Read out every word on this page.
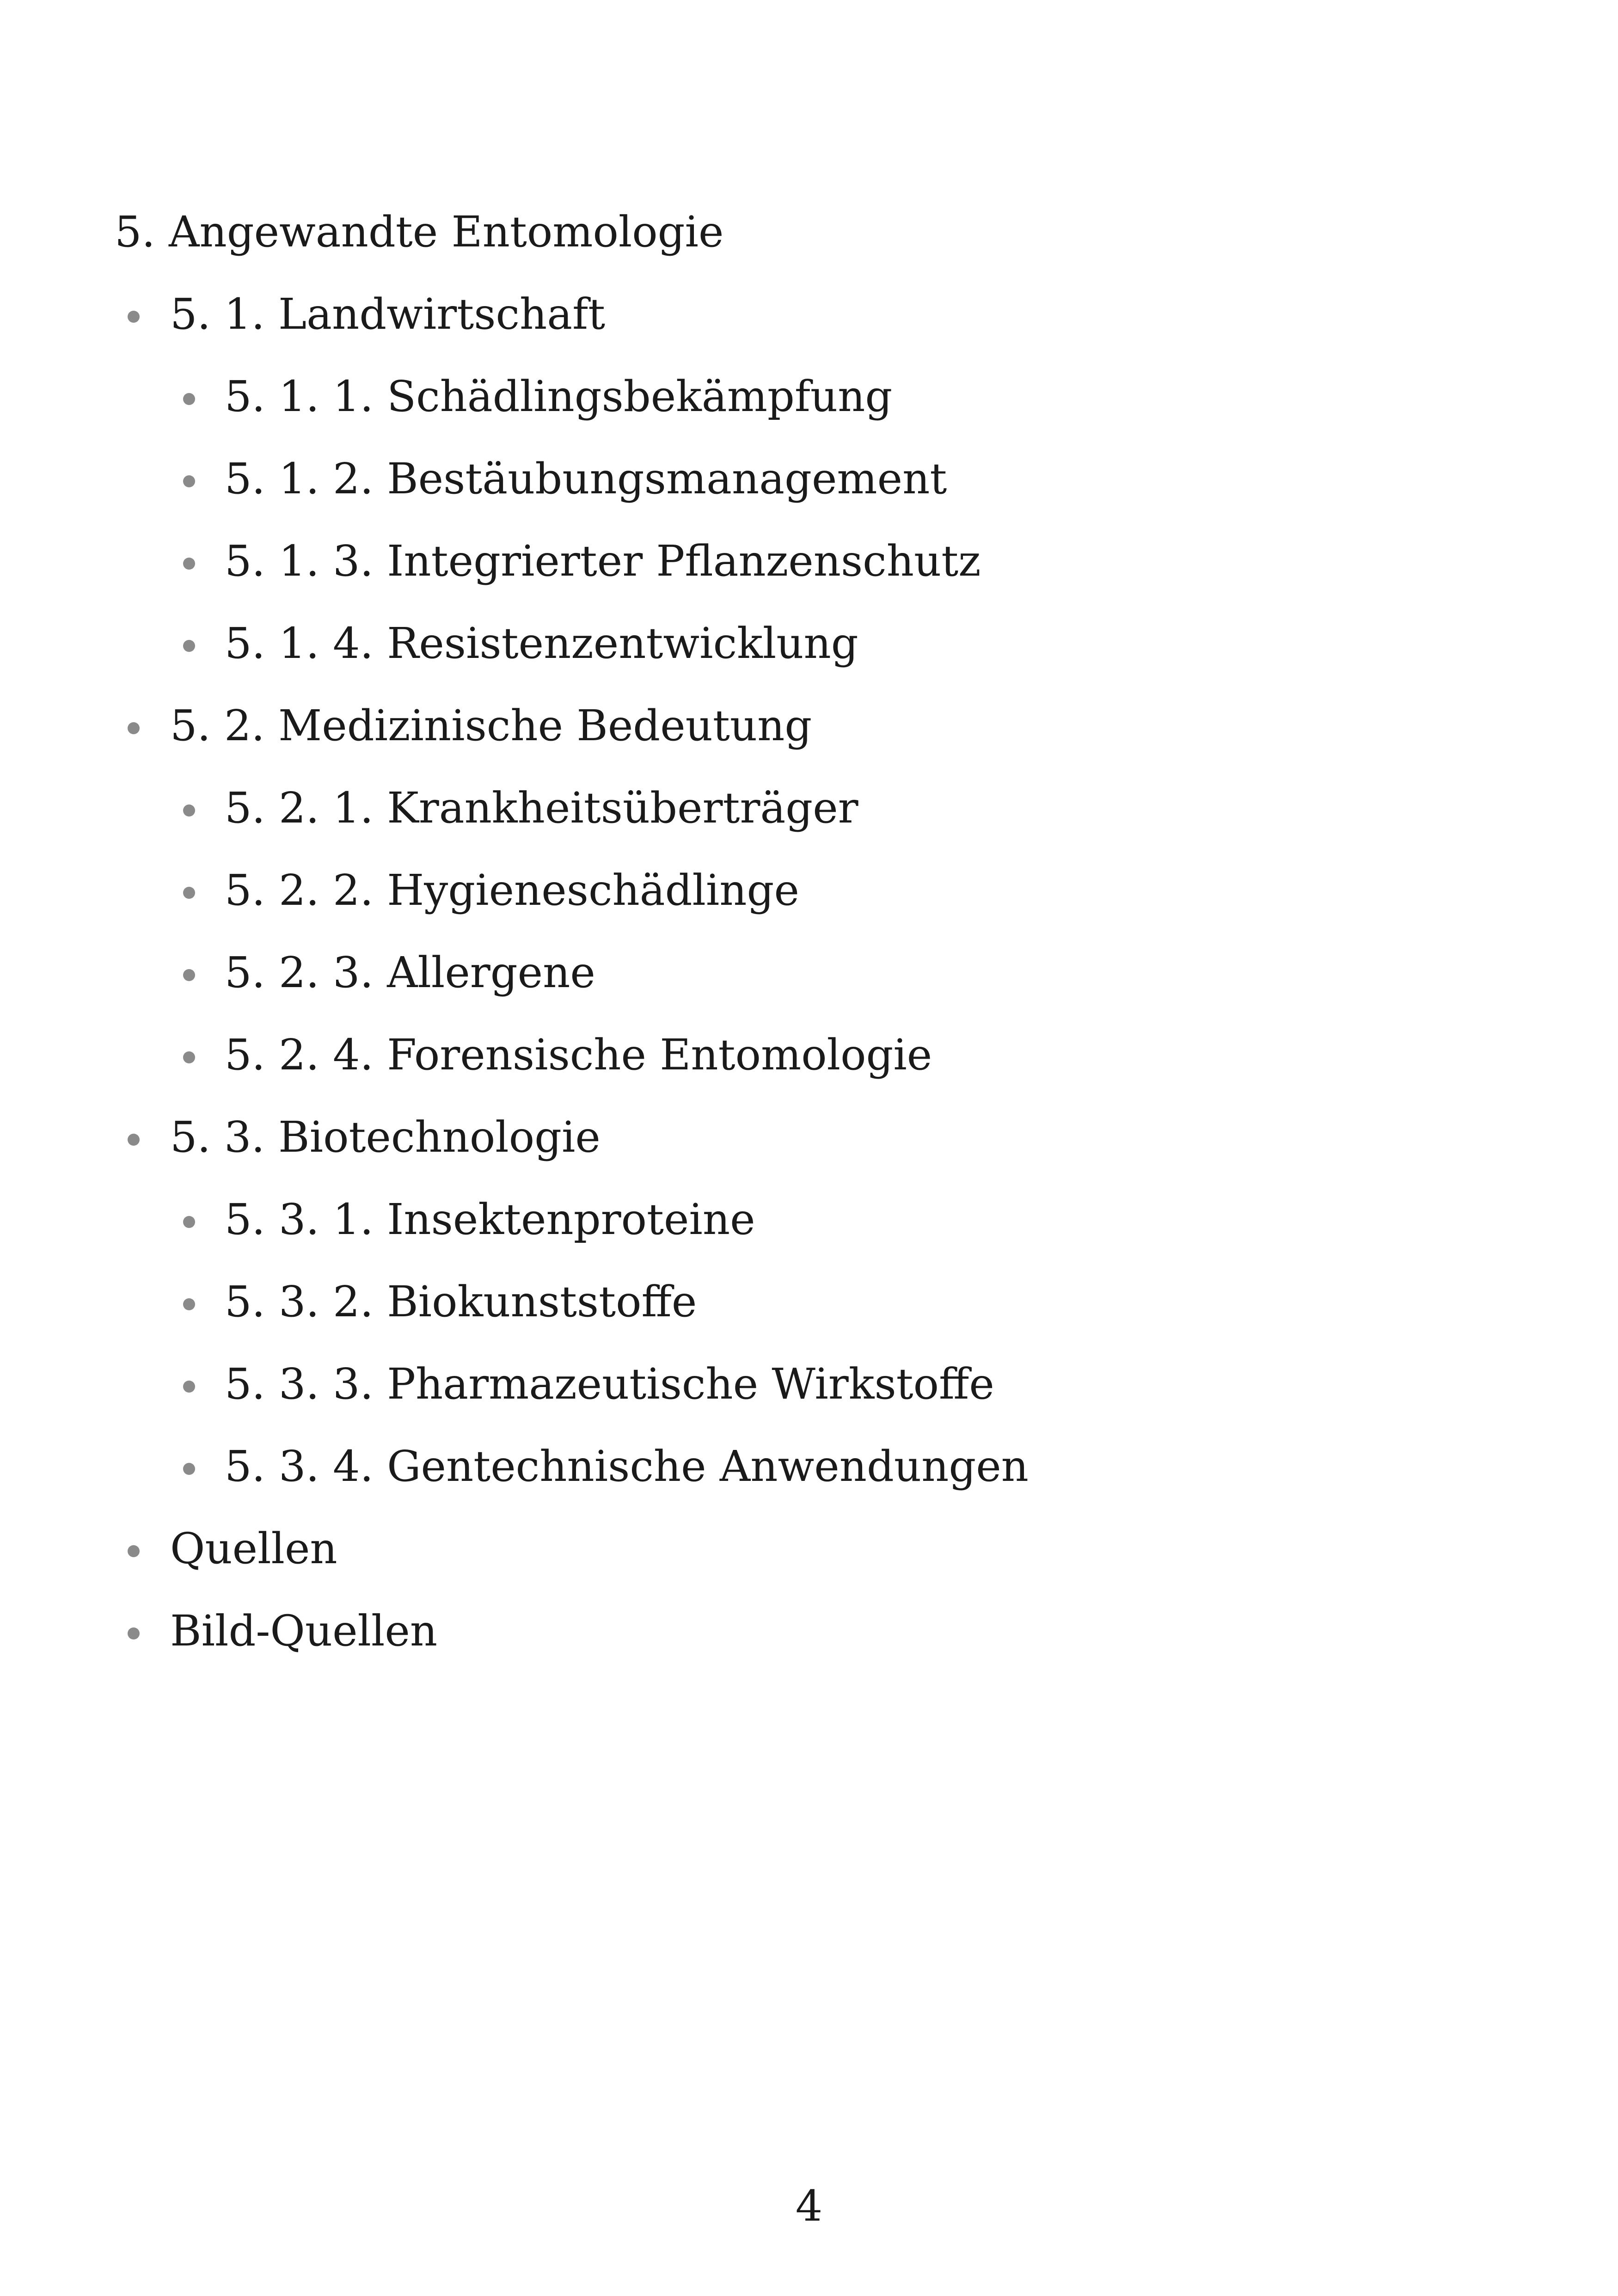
5. Angewandte Entomologie
5. 1. Landwirtschaft
5. 1. 1. Schädlingsbekämpfung
5. 1. 2. Bestäubungsmanagement
5. 1. 3. Integrierter Pflanzenschutz
5. 1. 4. Resistenzentwicklung
5. 2. Medizinische Bedeutung
5. 2. 1. Krankheitsüberträger
5. 2. 2. Hygieneschädlinge
5. 2. 3. Allergene
5. 2. 4. Forensische Entomologie
5. 3. Biotechnologie
5. 3. 1. Insektenproteine
5. 3. 2. Biokunststoffe
5. 3. 3. Pharmazeutische Wirkstoffe
5. 3. 4. Gentechnische Anwendungen
Quellen
Bild-Quellen
4
